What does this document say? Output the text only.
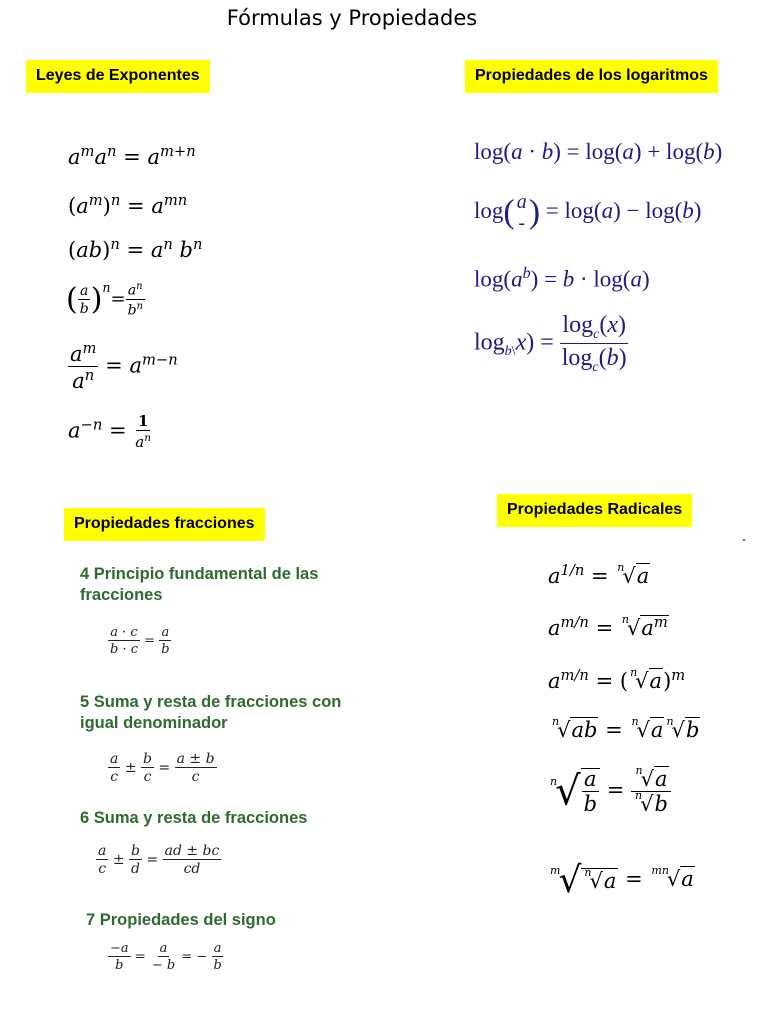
Fórmulas y Propiedades
Leyes de Exponentes	Propiedades de los logaritmos
Propiedades fracciones
Propiedades Radicales
$a^ma^n = a^{m+n}$
$(a^m)^n = a^{mn}$
$(ab)^n = a^n$ $b^n$
( $\frac{a}{b} )^n= \frac{a^n}{b^n}$
$\frac{a^m}{a^n} = a^{m-n}$
$a^{-n} = \frac{1}{a^n}$
log(a · b) = log(a) + log(b)
log( a
- ) = log(a) − log(b)
$\log(a^b) = b \cdot \log(a)$
$\log_{b\backslash}x) = \frac{\log_c(x)}{\log_c(b)}$
4 Principio fundamental de las fracciones
$\frac{a \cdot c}{b \cdot c} = \frac{a}{b}$
5 Suma y resta de fracciones con igual denominador
$\frac{a}{c} \pm \frac{b}{c} = \frac{a \pm b}{c}$
6 Suma y resta de fracciones
$\frac{a}{c} \pm \frac{b}{d} = \frac{ad \pm bc}{cd}$
7 Propiedades del signo
$\frac{-a}{b} = \frac{a}{- b}$ = − $\frac{a}{b}$
-
$a^{1/n} = ^n√a$
$a^{m/n} = ^n√a^m$
$a^{m/n}$ = ( $^n$√a)$^m$
$^n$√ab = $^n$√a $^n$√b
$^n√ \frac{a}{b} = \frac{^n√a}{^n√b}$
$^m$√ $^n$√a = $^{mn}$√a
